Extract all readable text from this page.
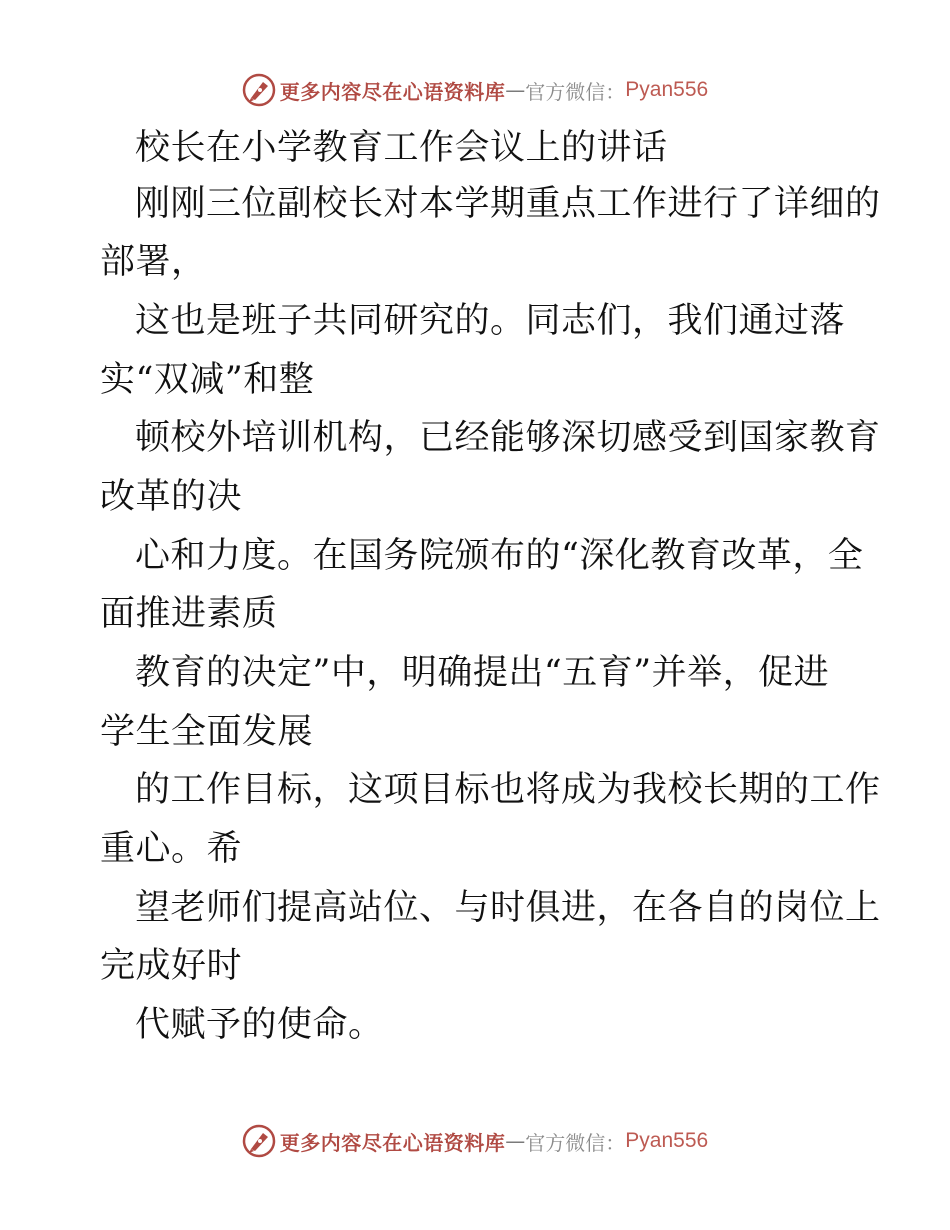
更多内容尽在心语资料库 — 官方微信： Pyan556
校长在小学教育工作会议上的讲话
刚刚三位副校长对本学期重点工作进行了详细的
部署，
这也是班子共同研究的。同志们，我们通过落
实“双减”和整
顿校外培训机构，已经能够深切感受到国家教育
改革的决
心和力度。在国务院颁布的“深化教育改革，全
面推进素质
教育的决定”中，明确提出“五育”并举，促进
学生全面发展
的工作目标，这项目标也将成为我校长期的工作
重心。希
望老师们提高站位、与时俱进，在各自的岗位上
完成好时
代赋予的使命。
更多内容尽在心语资料库 — 官方微信： Pyan556
